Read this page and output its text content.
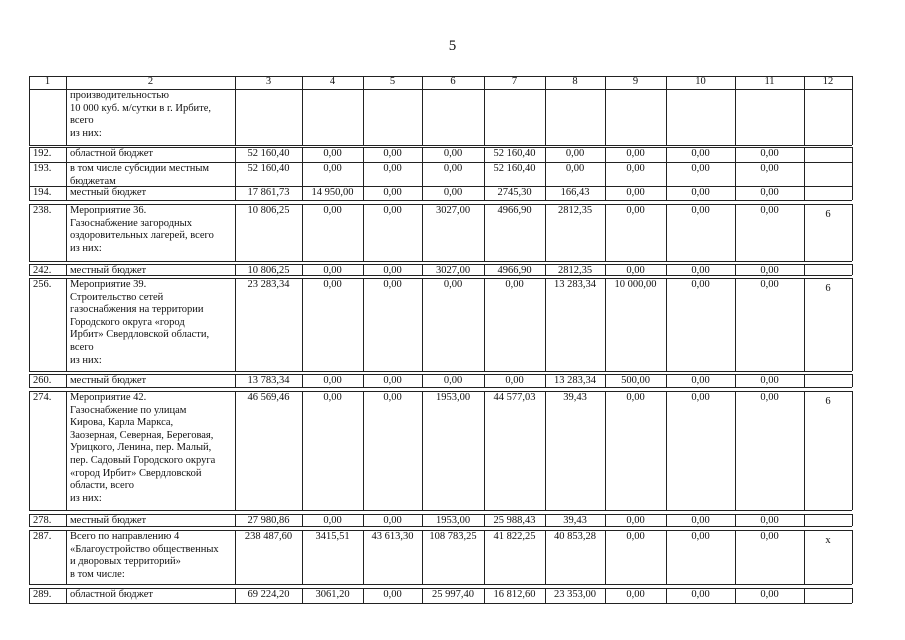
5
1	2	3	4	5	6	7	8	9	10	11	12
производительностью
10 000 куб. м/сутки в г. Ирбите,
всего
из них:
192.	областной бюджет	52 160,40	0,00	0,00	0,00	52 160,40	0,00	0,00	0,00	0,00
193.	в том числе субсидии местным
бюджетам
52 160,40	0,00	0,00	0,00	52 160,40	0,00	0,00	0,00	0,00
194.	местный бюджет	17 861,73	14 950,00	0,00	0,00	2745,30	166,43	0,00	0,00	0,00
238.	Мероприятие 36.
Газоснабжение загородных
оздоровительных лагерей, всего
из них:
10 806,25	0,00	0,00	3027,00	4966,90	2812,35	0,00	0,00	0,00	6
242.	местный бюджет	10 806,25	0,00	0,00	3027,00	4966,90	2812,35	0,00	0,00	0,00
256.	Мероприятие 39.
Строительство сетей
газоснабжения на территории
Городского округа «город
Ирбит» Свердловской области,
всего
из них:
23 283,34	0,00	0,00	0,00	0,00	13 283,34	10 000,00	0,00	0,00	6
260.	местный бюджет	13 783,34	0,00	0,00	0,00	0,00	13 283,34	500,00	0,00	0,00
274.	Мероприятие 42.
Газоснабжение по улицам
Кирова, Карла Маркса,
Заозерная, Северная, Береговая,
Урицкого, Ленина, пер. Малый,
пер. Садовый Городского округа
«город Ирбит» Свердловской
области, всего
из них:
46 569,46	0,00	0,00	1953,00	44 577,03	39,43	0,00	0,00	0,00	6
278.	местный бюджет	27 980,86	0,00	0,00	1953,00	25 988,43	39,43	0,00	0,00	0,00
287.	Всего по направлению 4
«Благоустройство общественных
и дворовых территорий»
в том числе:
238 487,60	3415,51	43 613,30	108 783,25	41 822,25	40 853,28	0,00	0,00	0,00	х
289.	областной бюджет	69 224,20	3061,20	0,00	25 997,40	16 812,60	23 353,00	0,00	0,00	0,00
